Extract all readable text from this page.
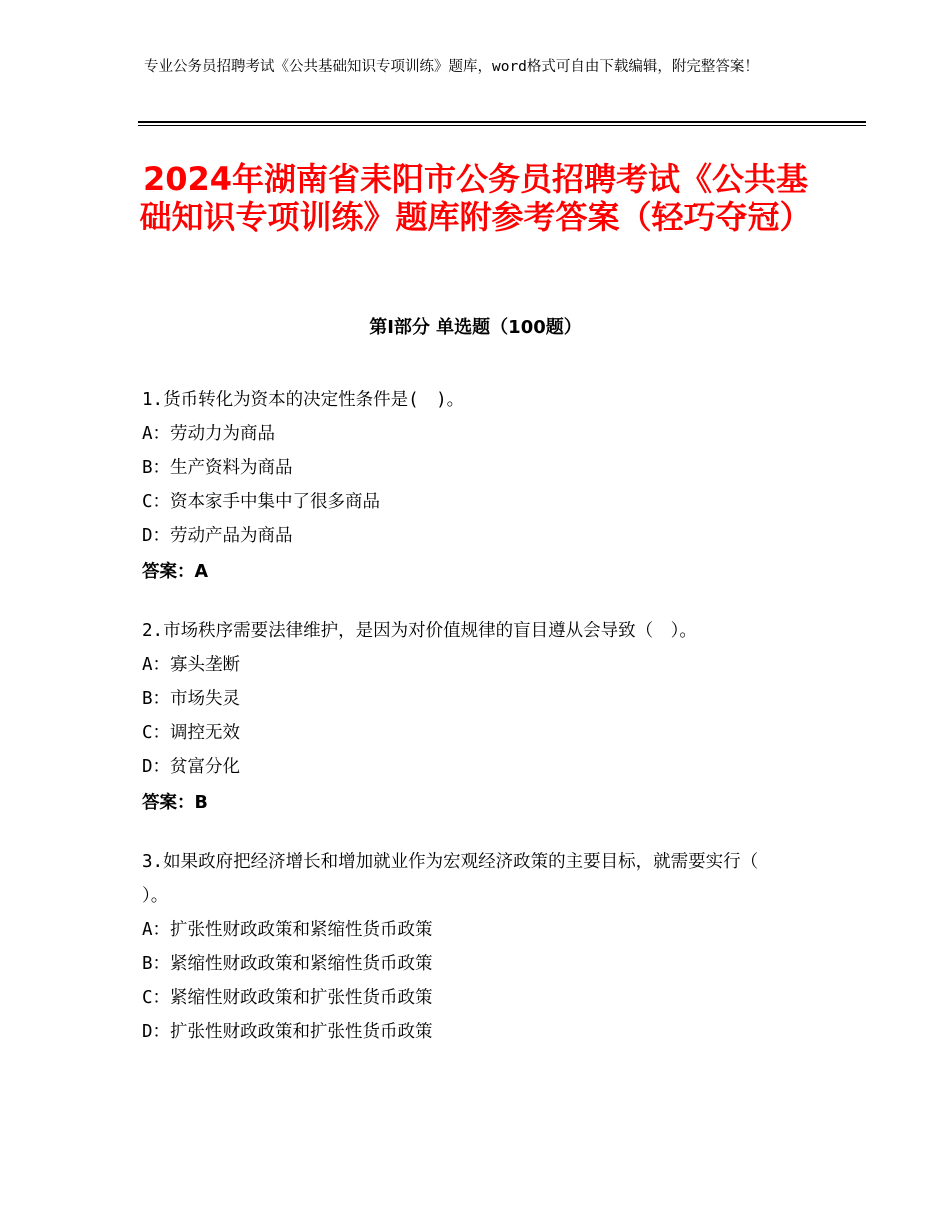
专业公务员招聘考试《公共基础知识专项训练》题库，word格式可自由下载编辑，附完整答案！
2024年湖南省耒阳市公务员招聘考试《公共基础知识专项训练》题库附参考答案（轻巧夺冠）
第Ⅰ部分 单选题（100题）

1.货币转化为资本的决定性条件是(　)。

A：劳动力为商品

B：生产资料为商品

C：资本家手中集中了很多商品

D：劳动产品为商品

答案：A

2.市场秩序需要法律维护，是因为对价值规律的盲目遵从会导致（　）。

A：寡头垄断

B：市场失灵

C：调控无效

D：贫富分化

答案：B

3.如果政府把经济增长和增加就业作为宏观经济政策的主要目标，就需要实行（　　）。

A：扩张性财政政策和紧缩性货币政策

B：紧缩性财政政策和紧缩性货币政策

C：紧缩性财政政策和扩张性货币政策

D：扩张性财政政策和扩张性货币政策
